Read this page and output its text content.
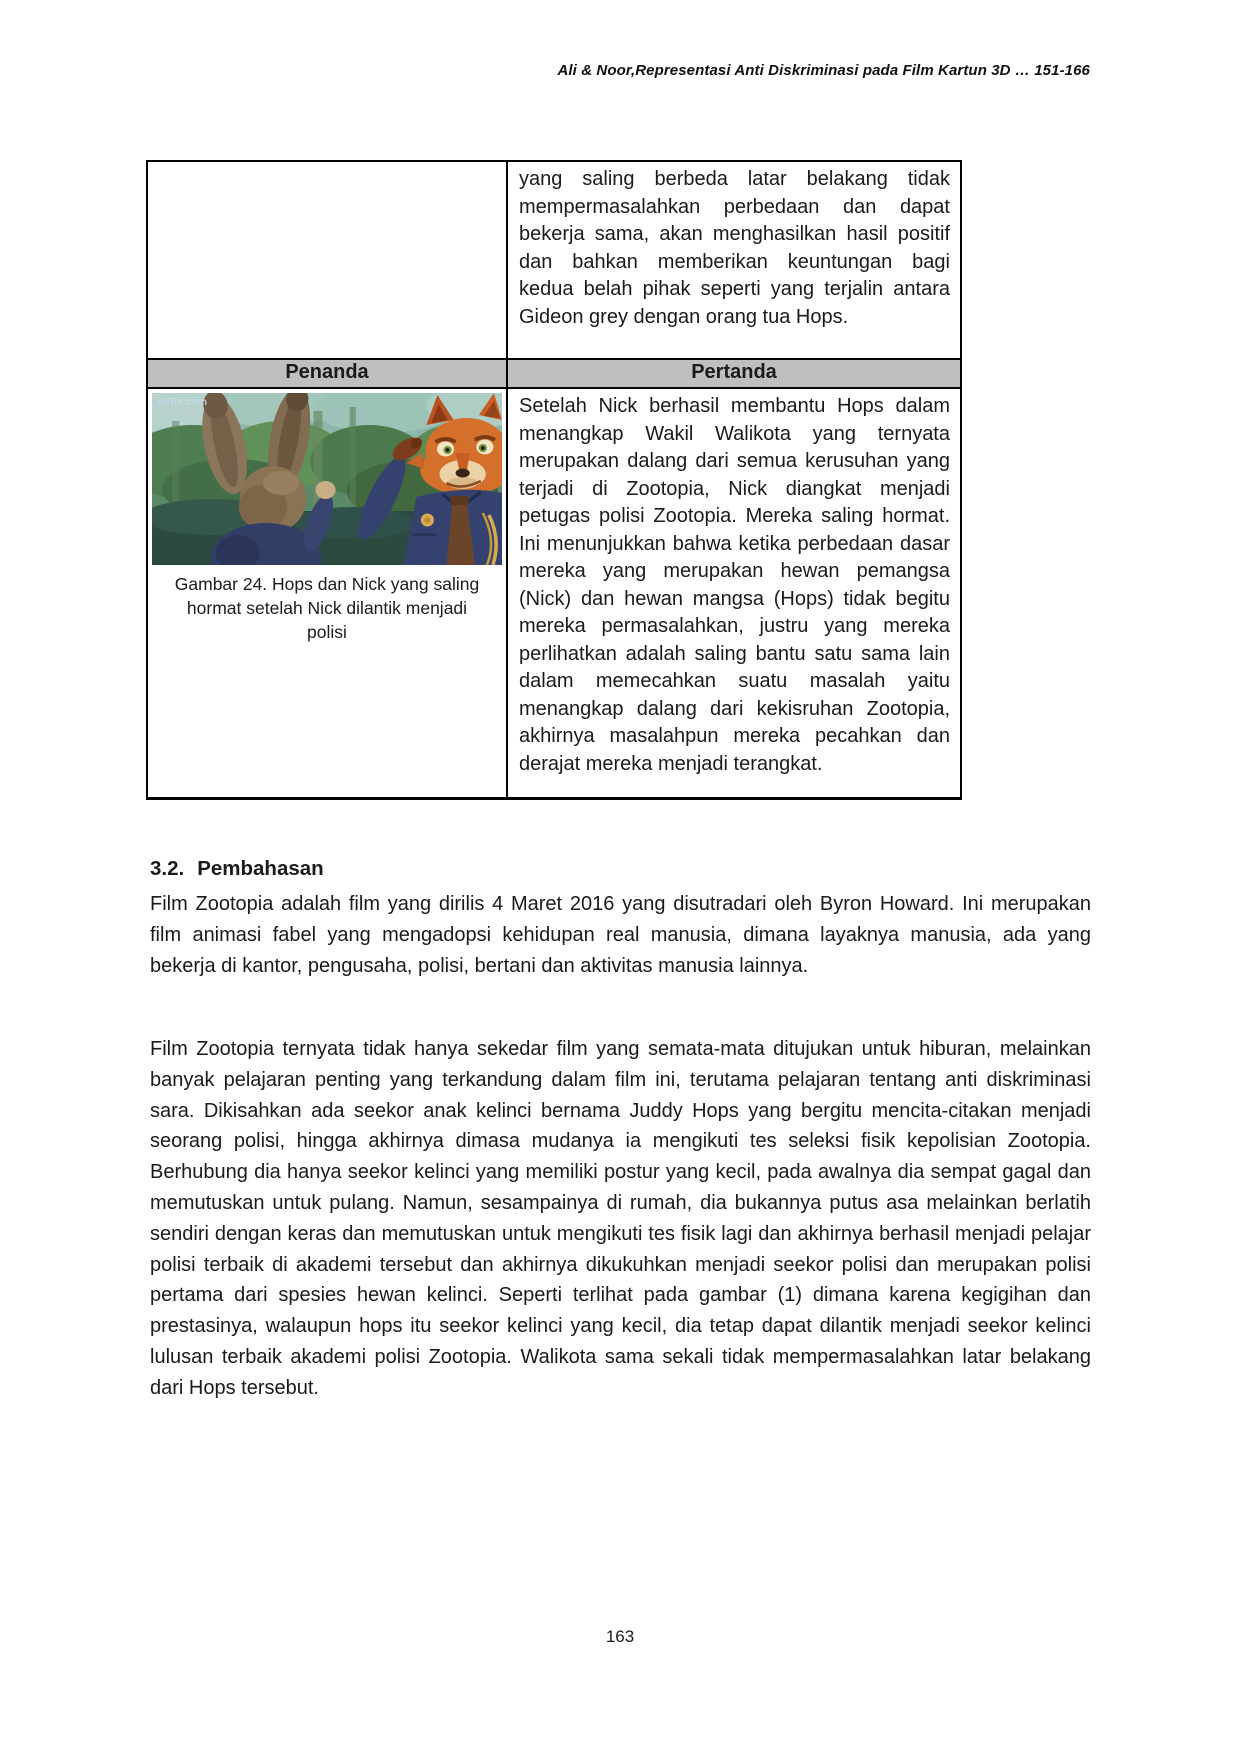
Ali & Noor,Representasi Anti Diskriminasi pada Film Kartun 3D … 151-166
yang saling berbeda latar belakang tidak mempermasalahkan perbedaan dan dapat bekerja sama, akan menghasilkan hasil positif dan bahkan memberikan keuntungan bagi kedua belah pihak seperti yang terjalin antara Gideon grey dengan orang tua Hops.
Penanda	Pertanda
nFlix.com
Gambar 24. Hops dan Nick yang saling hormat setelah Nick dilantik menjadi polisi
Setelah Nick berhasil membantu Hops dalam menangkap Wakil Walikota yang ternyata merupakan dalang dari semua kerusuhan yang terjadi di Zootopia, Nick diangkat menjadi petugas polisi Zootopia. Mereka saling hormat. Ini menunjukkan bahwa ketika perbedaan dasar mereka yang merupakan hewan pemangsa (Nick) dan hewan mangsa (Hops) tidak begitu mereka permasalahkan, justru yang mereka perlihatkan adalah saling bantu satu sama lain dalam memecahkan suatu masalah yaitu menangkap dalang dari kekisruhan Zootopia, akhirnya masalahpun mereka pecahkan dan derajat mereka menjadi terangkat.
3.2. Pembahasan
Film Zootopia adalah film yang dirilis 4 Maret 2016 yang disutradari oleh Byron Howard. Ini merupakan film animasi fabel yang mengadopsi kehidupan real manusia, dimana layaknya manusia, ada yang bekerja di kantor, pengusaha, polisi, bertani dan aktivitas manusia lainnya.
Film Zootopia ternyata tidak hanya sekedar film yang semata-mata ditujukan untuk hiburan, melainkan banyak pelajaran penting yang terkandung dalam film ini, terutama pelajaran tentang anti diskriminasi sara. Dikisahkan ada seekor anak kelinci bernama Juddy Hops yang bergitu mencita-citakan menjadi seorang polisi, hingga akhirnya dimasa mudanya ia mengikuti tes seleksi fisik kepolisian Zootopia. Berhubung dia hanya seekor kelinci yang memiliki postur yang kecil, pada awalnya dia sempat gagal dan memutuskan untuk pulang. Namun, sesampainya di rumah, dia bukannya putus asa melainkan berlatih sendiri dengan keras dan memutuskan untuk mengikuti tes fisik lagi dan akhirnya berhasil menjadi pelajar polisi terbaik di akademi tersebut dan akhirnya dikukuhkan menjadi seekor polisi dan merupakan polisi pertama dari spesies hewan kelinci. Seperti terlihat pada gambar (1) dimana karena kegigihan dan prestasinya, walaupun hops itu seekor kelinci yang kecil, dia tetap dapat dilantik menjadi seekor kelinci lulusan terbaik akademi polisi Zootopia. Walikota sama sekali tidak mempermasalahkan latar belakang dari Hops tersebut.
163
